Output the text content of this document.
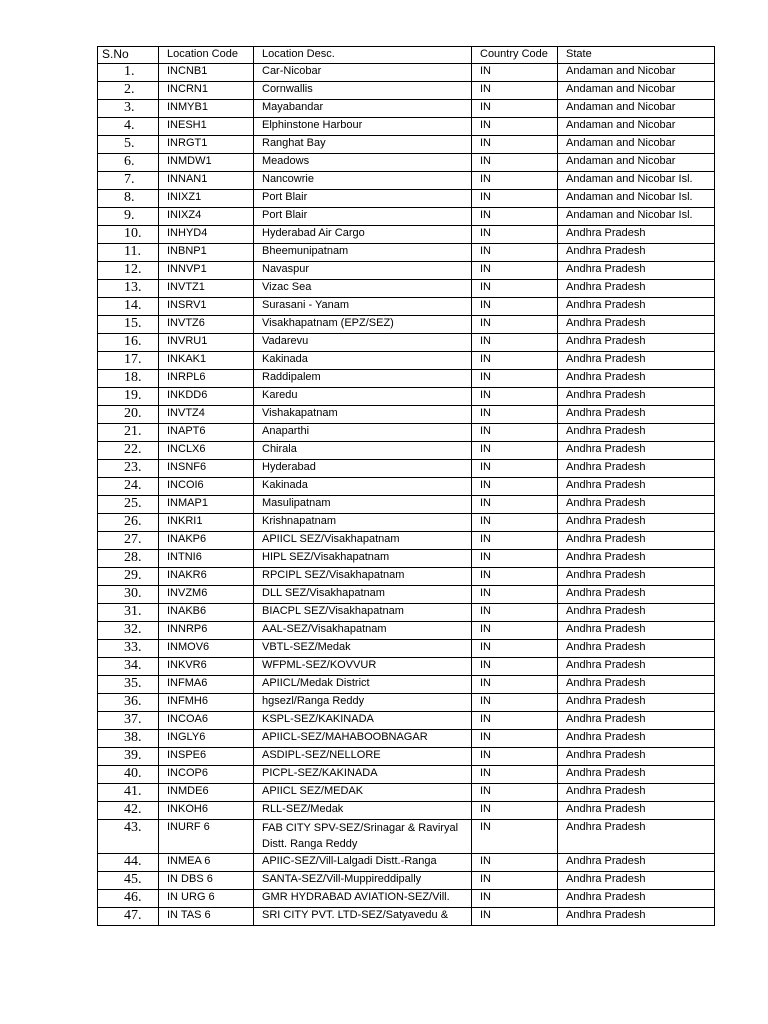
S.No	Location Code	Location Desc.	Country Code	State
1.	INCNB1	Car-Nicobar	IN	Andaman and Nicobar
2.	INCRN1	Cornwallis	IN	Andaman and Nicobar
3.	INMYB1	Mayabandar	IN	Andaman and Nicobar
4.	INESH1	Elphinstone Harbour	IN	Andaman and Nicobar
5.	INRGT1	Ranghat Bay	IN	Andaman and Nicobar
6.	INMDW1	Meadows	IN	Andaman and Nicobar
7.	INNAN1	Nancowrie	IN	Andaman and Nicobar Isl.
8.	INIXZ1	Port Blair	IN	Andaman and Nicobar Isl.
9.	INIXZ4	Port Blair	IN	Andaman and Nicobar Isl.
10.	INHYD4	Hyderabad Air Cargo	IN	Andhra Pradesh
11.	INBNP1	Bheemunipatnam	IN	Andhra Pradesh
12.	INNVP1	Navaspur	IN	Andhra Pradesh
13.	INVTZ1	Vizac Sea	IN	Andhra Pradesh
14.	INSRV1	Surasani - Yanam	IN	Andhra Pradesh
15.	INVTZ6	Visakhapatnam (EPZ/SEZ)	IN	Andhra Pradesh
16.	INVRU1	Vadarevu	IN	Andhra Pradesh
17.	INKAK1	Kakinada	IN	Andhra Pradesh
18.	INRPL6	Raddipalem	IN	Andhra Pradesh
19.	INKDD6	Karedu	IN	Andhra Pradesh
20.	INVTZ4	Vishakapatnam	IN	Andhra Pradesh
21.	INAPT6	Anaparthi	IN	Andhra Pradesh
22.	INCLX6	Chirala	IN	Andhra Pradesh
23.	INSNF6	Hyderabad	IN	Andhra Pradesh
24.	INCOI6	Kakinada	IN	Andhra Pradesh
25.	INMAP1	Masulipatnam	IN	Andhra Pradesh
26.	INKRI1	Krishnapatnam	IN	Andhra Pradesh
27.	INAKP6	APIICL SEZ/Visakhapatnam	IN	Andhra Pradesh
28.	INTNI6	HIPL SEZ/Visakhapatnam	IN	Andhra Pradesh
29.	INAKR6	RPCIPL SEZ/Visakhapatnam	IN	Andhra Pradesh
30.	INVZM6	DLL SEZ/Visakhapatnam	IN	Andhra Pradesh
31.	INAKB6	BIACPL SEZ/Visakhapatnam	IN	Andhra Pradesh
32.	INNRP6	AAL-SEZ/Visakhapatnam	IN	Andhra Pradesh
33.	INMOV6	VBTL-SEZ/Medak	IN	Andhra Pradesh
34.	INKVR6	WFPML-SEZ/KOVVUR	IN	Andhra Pradesh
35.	INFMA6	APIICL/Medak District	IN	Andhra Pradesh
36.	INFMH6	hgsezl/Ranga Reddy	IN	Andhra Pradesh
37.	INCOA6	KSPL-SEZ/KAKINADA	IN	Andhra Pradesh
38.	INGLY6	APIICL-SEZ/MAHABOOBNAGAR	IN	Andhra Pradesh
39.	INSPE6	ASDIPL-SEZ/NELLORE	IN	Andhra Pradesh
40.	INCOP6	PICPL-SEZ/KAKINADA	IN	Andhra Pradesh
41.	INMDE6	APIICL SEZ/MEDAK	IN	Andhra Pradesh
42.	INKOH6	RLL-SEZ/Medak	IN	Andhra Pradesh
43.	INURF 6	FAB CITY SPV-SEZ/Srinagar & Raviryal Distt. Ranga Reddy	IN	Andhra Pradesh
44.	INMEA 6	APIIC-SEZ/Vill-Lalgadi Distt.-Ranga	IN	Andhra Pradesh
45.	IN DBS 6	SANTA-SEZ/Vill-Muppireddipally	IN	Andhra Pradesh
46.	IN URG 6	GMR HYDRABAD AVIATION-SEZ/Vill.	IN	Andhra Pradesh
47.	IN TAS 6	SRI CITY PVT. LTD-SEZ/Satyavedu &	IN	Andhra Pradesh
